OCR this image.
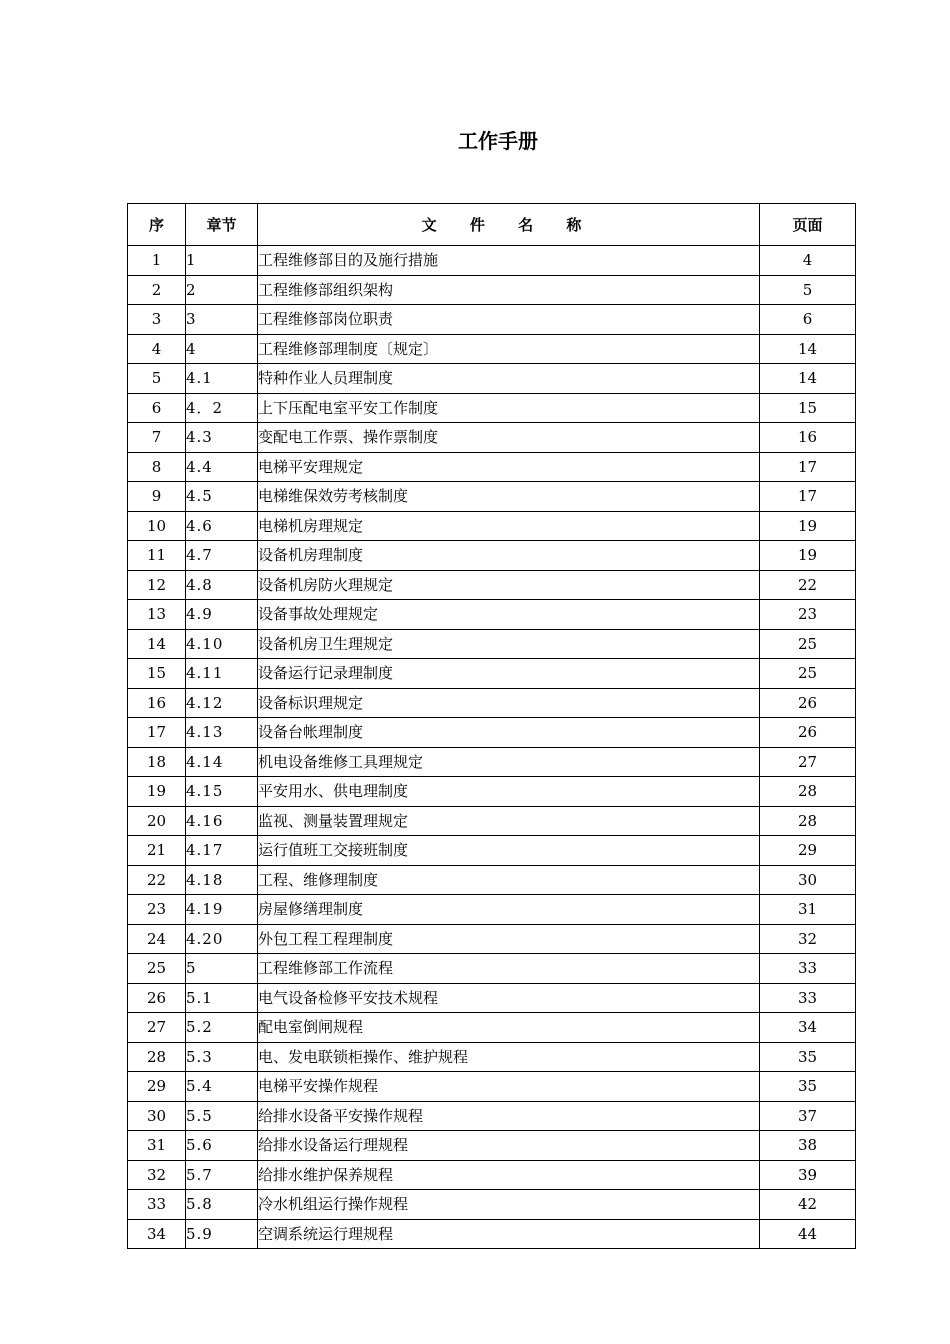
工作手册
序	章节	文 件 名 称	页面
1	1	工程维修部目的及施行措施	4
2	2	工程维修部组织架构	5
3	3	工程维修部岗位职责	6
4	4	工程维修部理制度〔规定〕	14
5	4.1	特种作业人员理制度	14
6	4．2	上下压配电室平安工作制度	15
7	4.3	变配电工作票、操作票制度	16
8	4.4	电梯平安理规定	17
9	4.5	电梯维保效劳考核制度	17
10	4.6	电梯机房理规定	19
11	4.7	设备机房理制度	19
12	4.8	设备机房防火理规定	22
13	4.9	设备事故处理规定	23
14	4.10	设备机房卫生理规定	25
15	4.11	设备运行记录理制度	25
16	4.12	设备标识理规定	26
17	4.13	设备台帐理制度	26
18	4.14	机电设备维修工具理规定	27
19	4.15	平安用水、供电理制度	28
20	4.16	监视、测量装置理规定	28
21	4.17	运行值班工交接班制度	29
22	4.18	工程、维修理制度	30
23	4.19	房屋修缮理制度	31
24	4.20	外包工程工程理制度	32
25	5	工程维修部工作流程	33
26	5.1	电气设备检修平安技术规程	33
27	5.2	配电室倒闸规程	34
28	5.3	电、发电联锁柜操作、维护规程	35
29	5.4	电梯平安操作规程	35
30	5.5	给排水设备平安操作规程	37
31	5.6	给排水设备运行理规程	38
32	5.7	给排水维护保养规程	39
33	5.8	冷水机组运行操作规程	42
34	5.9	空调系统运行理规程	44
